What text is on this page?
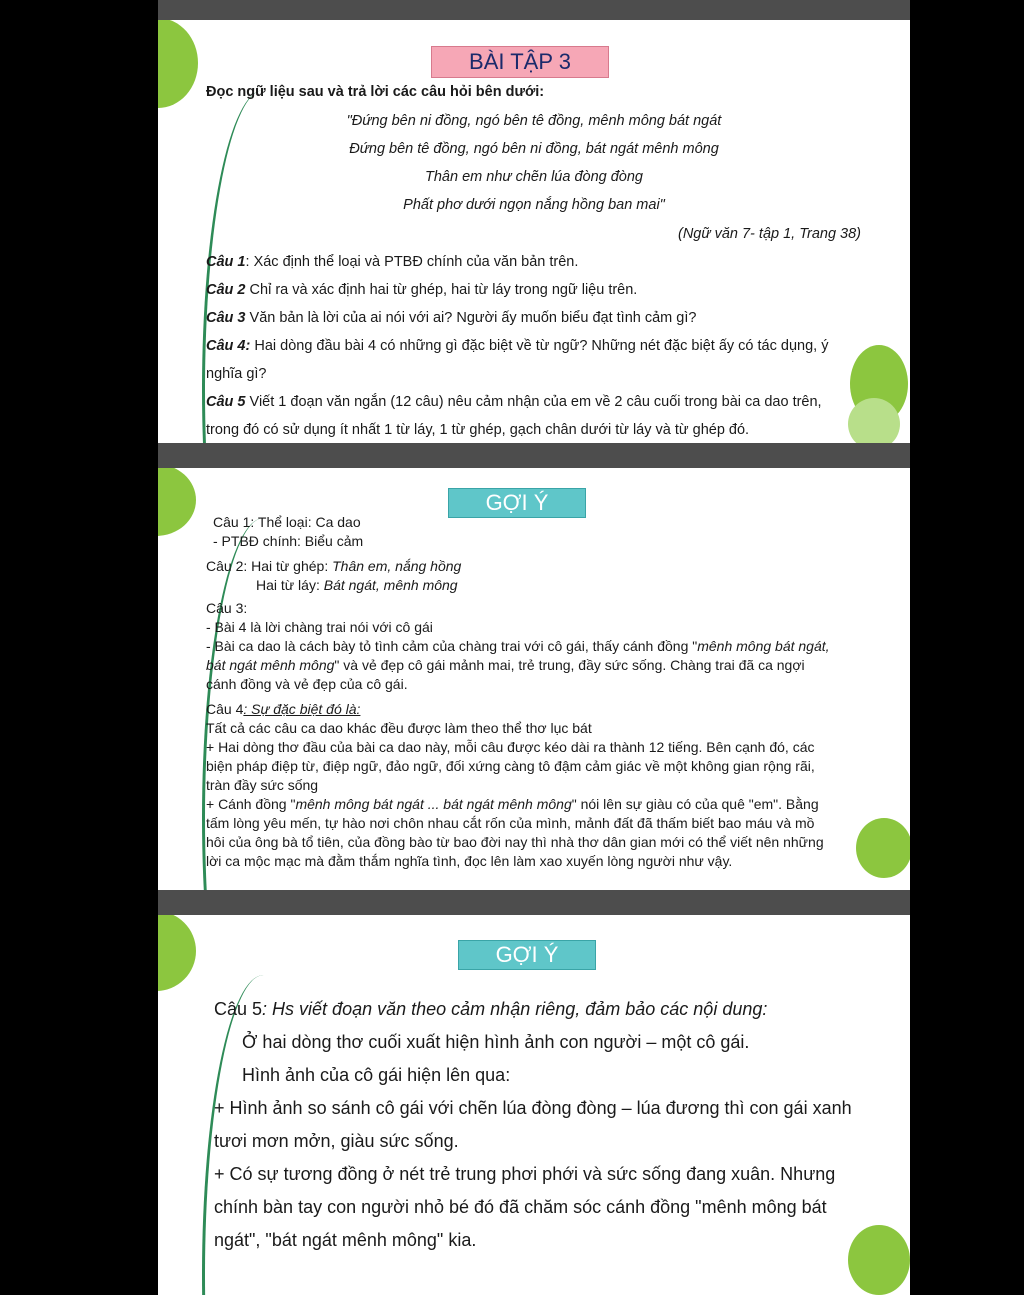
BÀI TẬP 3
Đọc ngữ liệu sau và trả lời các câu hỏi bên dưới:
"Đứng bên ni đồng, ngó bên tê đồng, mênh mông bát ngát
Đứng bên tê đồng, ngó bên ni đồng, bát ngát mênh mông
Thân em như chẽn lúa đòng đòng
Phất phơ dưới ngọn nắng hồng ban mai"
(Ngữ văn 7- tập 1, Trang 38)
Câu 1: Xác định thể loại và PTBĐ chính của văn bản trên.
Câu 2 Chỉ ra và xác định hai từ ghép, hai từ láy trong ngữ liệu trên.
Câu 3 Văn bản là lời của ai nói với ai? Người ấy muốn biểu đạt tình cảm gì?
Câu 4: Hai dòng đầu bài 4 có những gì đặc biệt về từ ngữ? Những nét đặc biệt ấy có tác dụng, ý
nghĩa gì?
Câu 5 Viết 1 đoạn văn ngắn (12 câu) nêu cảm nhận của em về 2 câu cuối trong bài ca dao trên,
trong đó có sử dụng ít nhất 1 từ láy, 1 từ ghép, gạch chân dưới từ láy và từ ghép đó.
GỢI Ý
Câu 1: Thể loại: Ca dao
- PTBĐ chính: Biểu cảm
Câu 2: Hai từ ghép: Thân em, nắng hồng
Hai từ láy: Bát ngát, mênh mông
Câu 3:
- Bài 4 là lời chàng trai nói với cô gái
- Bài ca dao là cách bày tỏ tình cảm của chàng trai với cô gái, thấy cánh đồng "mênh mông bát ngát,
bát ngát mênh mông" và vẻ đẹp cô gái mảnh mai, trẻ trung, đầy sức sống. Chàng trai đã ca ngợi
cánh đồng và vẻ đẹp của cô gái.
Câu 4: Sự đặc biệt đó là:
Tất cả các câu ca dao khác đều được làm theo thể thơ lục bát
+ Hai dòng thơ đầu của bài ca dao này, mỗi câu được kéo dài ra thành 12 tiếng. Bên cạnh đó, các
biện pháp điệp từ, điệp ngữ, đảo ngữ, đối xứng càng tô đậm cảm giác về một không gian rộng rãi,
tràn đầy sức sống
+ Cánh đồng "mênh mông bát ngát ... bát ngát mênh mông" nói lên sự giàu có của quê "em". Bằng
tấm lòng yêu mến, tự hào nơi chôn nhau cắt rốn của mình, mảnh đất đã thấm biết bao máu và mồ
hôi của ông bà tổ tiên, của đồng bào từ bao đời nay thì nhà thơ dân gian mới có thể viết nên những
lời ca mộc mạc mà đằm thắm nghĩa tình, đọc lên làm xao xuyến lòng người như vậy.
GỢI Ý
Câu 5: Hs viết đoạn văn theo cảm nhận riêng, đảm bảo các nội dung:
Ở hai dòng thơ cuối xuất hiện hình ảnh con người – một cô gái.
Hình ảnh của cô gái hiện lên qua:
+ Hình ảnh so sánh cô gái với chẽn lúa đòng đòng – lúa đương thì con gái xanh
tươi mơn mởn, giàu sức sống.
+ Có sự tương đồng ở nét trẻ trung phơi phới và sức sống đang xuân. Nhưng
chính bàn tay con người nhỏ bé đó đã chăm sóc cánh đồng "mênh mông bát
ngát", "bát ngát mênh mông" kia.
